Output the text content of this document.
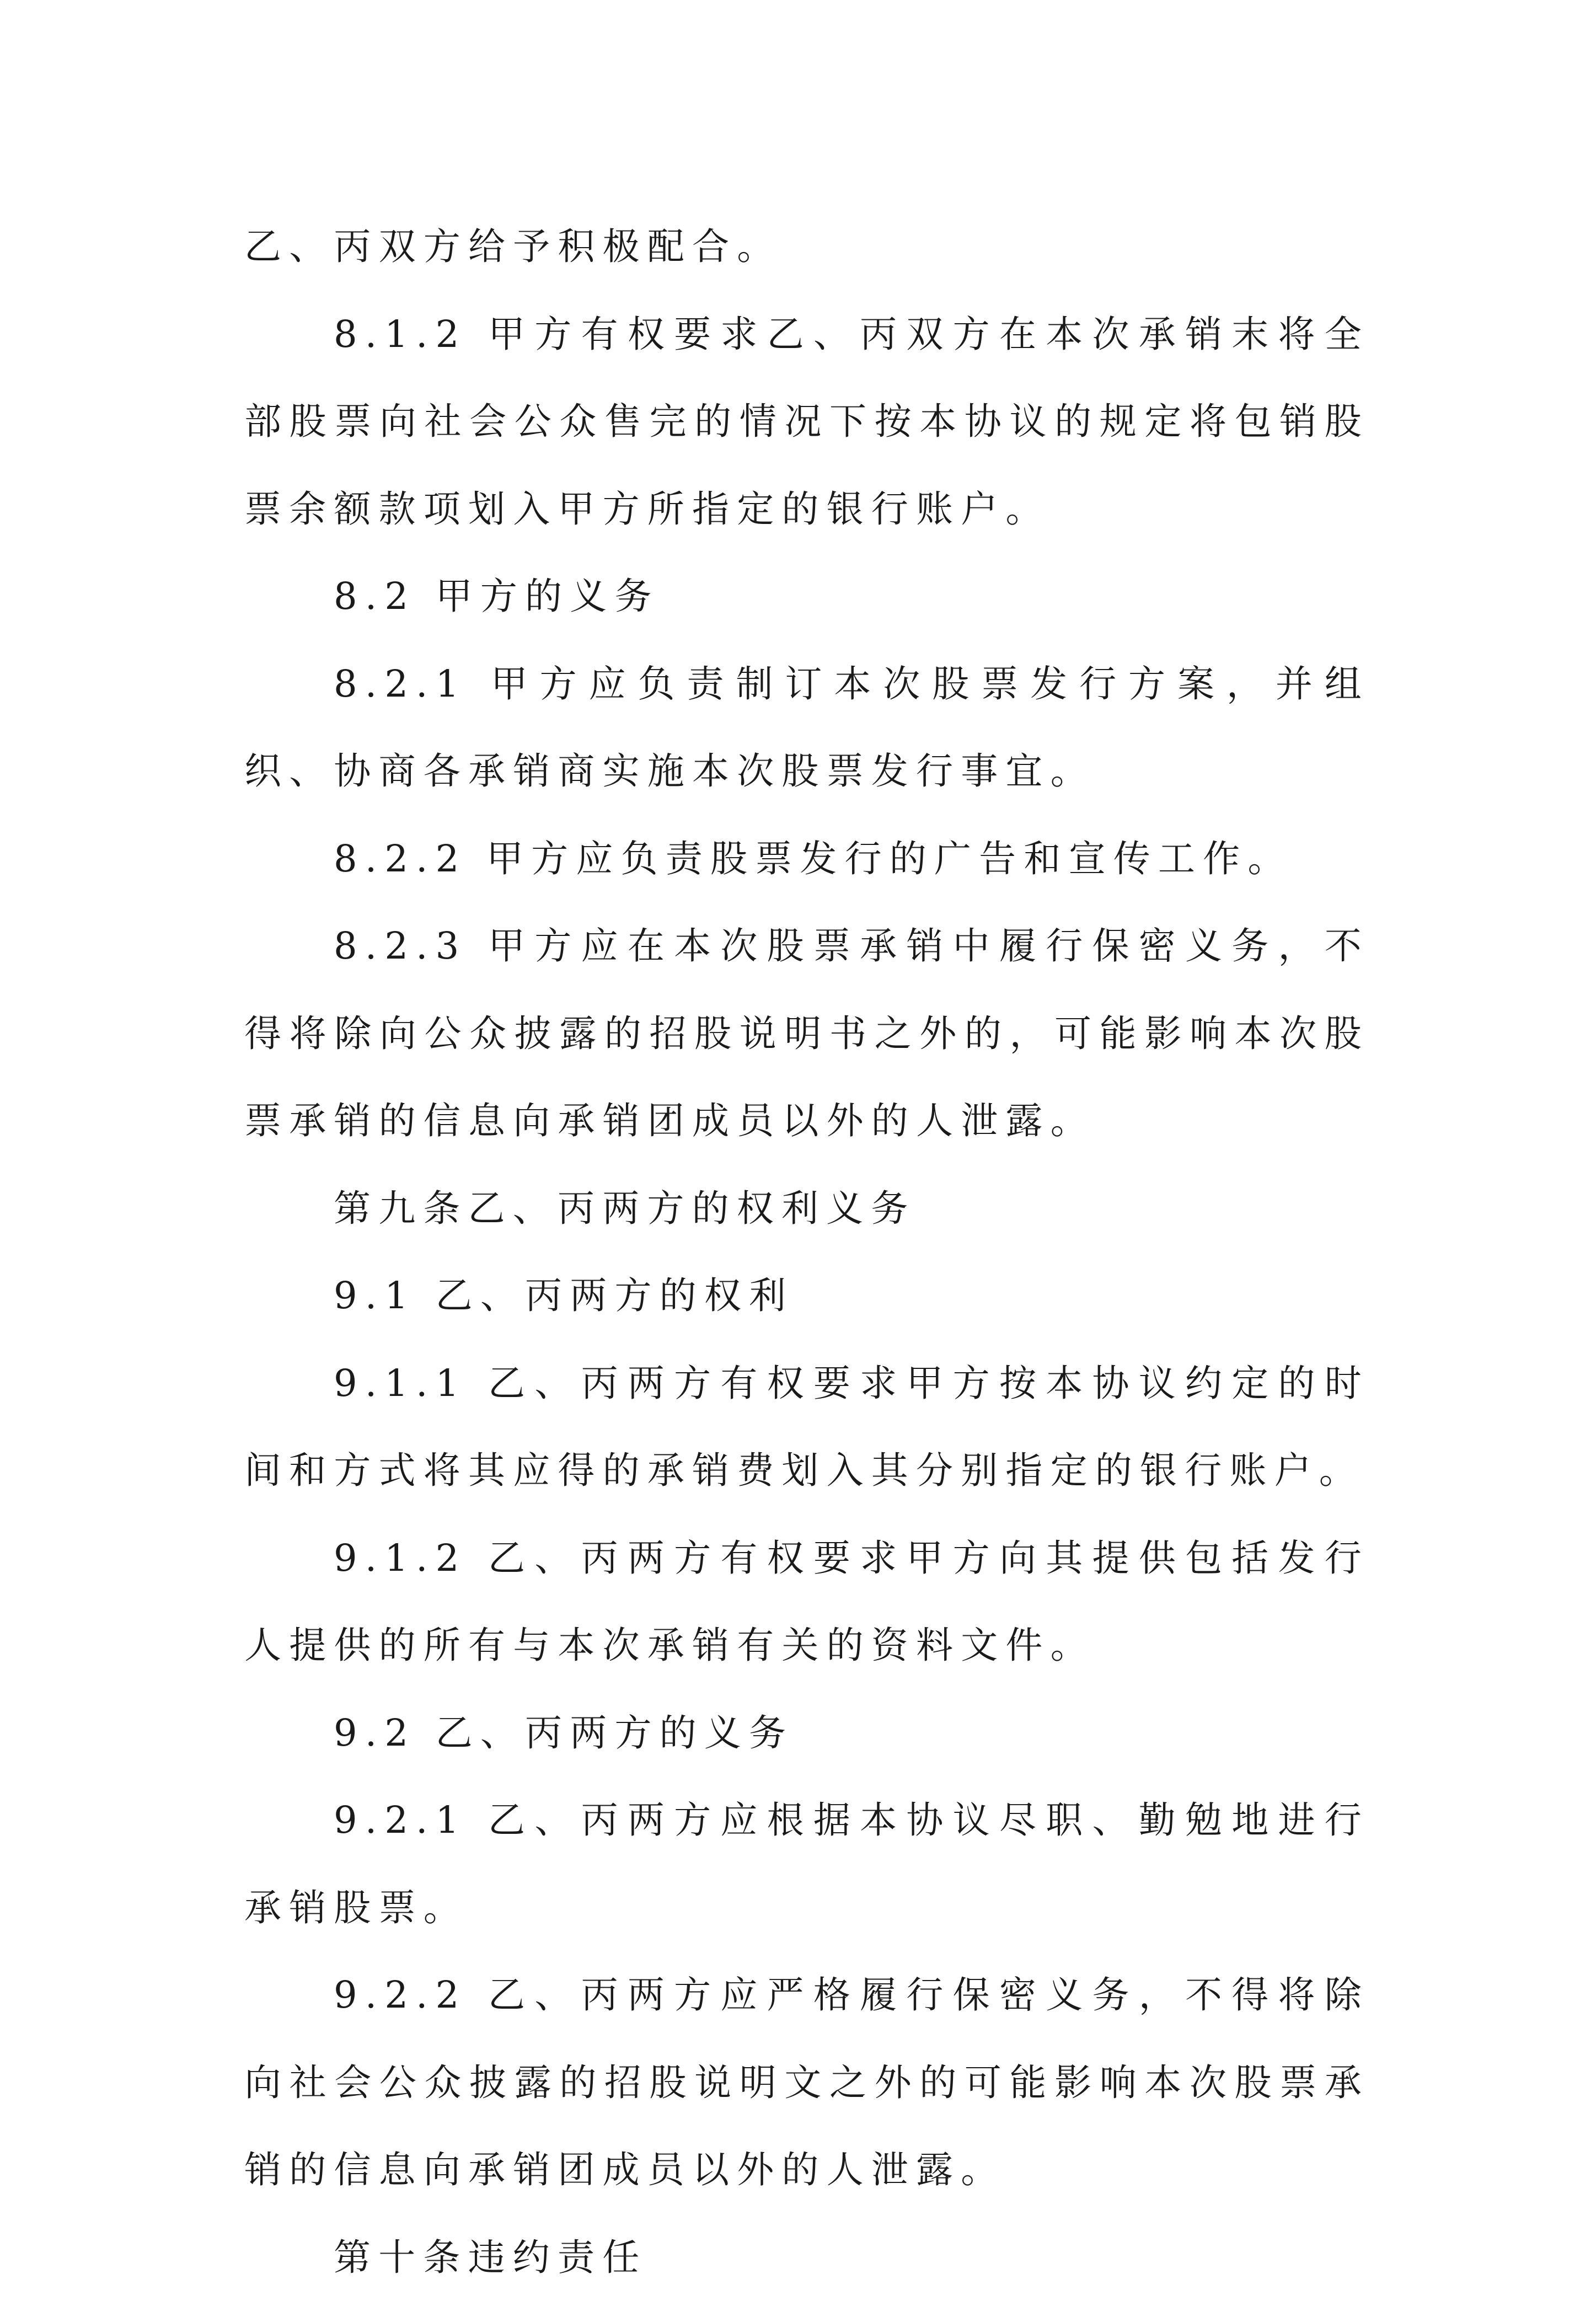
乙、丙双方给予积极配合。

8.1.2 甲方有权要求乙、丙双方在本次承销末将全部股票向社会公众售完的情况下按本协议的规定将包销股票余额款项划入甲方所指定的银行账户。

8.2 甲方的义务

8.2.1 甲方应负责制订本次股票发行方案，并组织、协商各承销商实施本次股票发行事宜。

8.2.2 甲方应负责股票发行的广告和宣传工作。

8.2.3 甲方应在本次股票承销中履行保密义务，不得将除向公众披露的招股说明书之外的，可能影响本次股票承销的信息向承销团成员以外的人泄露。

第九条乙、丙两方的权利义务

9.1 乙、丙两方的权利

9.1.1 乙、丙两方有权要求甲方按本协议约定的时间和方式将其应得的承销费划入其分别指定的银行账户。

9.1.2 乙、丙两方有权要求甲方向其提供包括发行人提供的所有与本次承销有关的资料文件。

9.2 乙、丙两方的义务

9.2.1 乙、丙两方应根据本协议尽职、勤勉地进行承销股票。

9.2.2 乙、丙两方应严格履行保密义务，不得将除向社会公众披露的招股说明文之外的可能影响本次股票承销的信息向承销团成员以外的人泄露。

第十条违约责任
